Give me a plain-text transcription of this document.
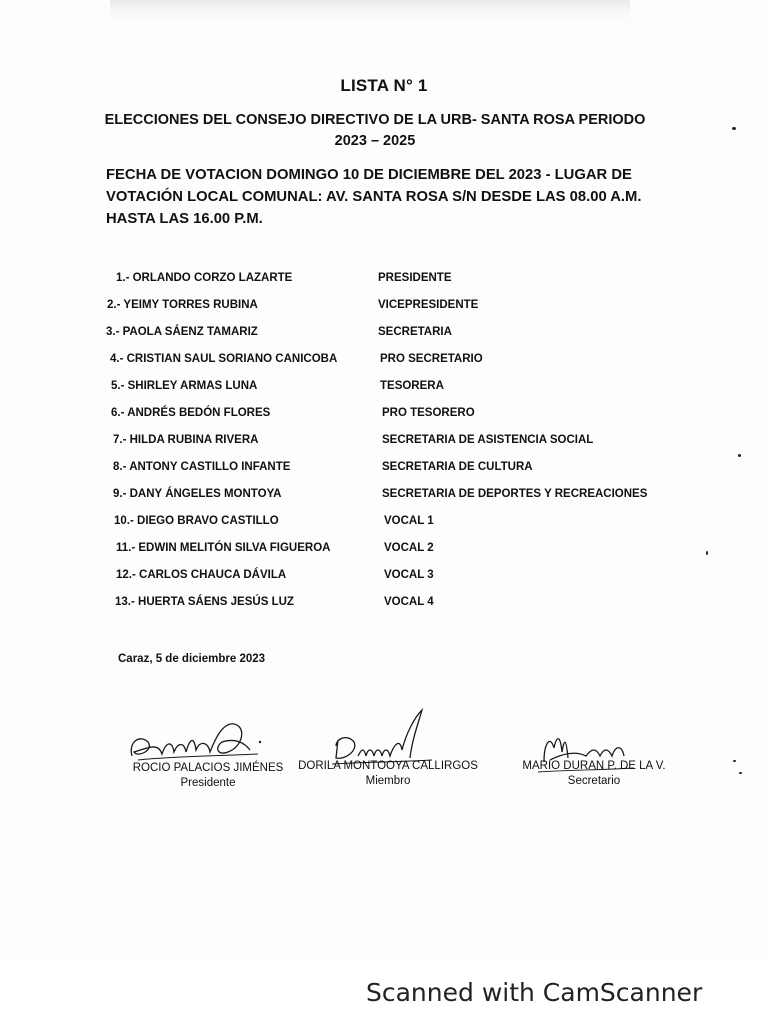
LISTA N° 1
ELECCIONES DEL CONSEJO DIRECTIVO DE LA URB- SANTA ROSA PERIODO
2023 – 2025
FECHA DE VOTACION DOMINGO 10 DE DICIEMBRE DEL 2023 - LUGAR DE VOTACIÓN LOCAL COMUNAL: AV. SANTA ROSA S/N DESDE LAS 08.00 A.M. HASTA LAS 16.00 P.M.
1.- ORLANDO CORZO LAZARTE	PRESIDENTE
2.- YEIMY TORRES RUBINA	VICEPRESIDENTE
3.- PAOLA SÁENZ TAMARIZ	SECRETARIA
4.- CRISTIAN SAUL SORIANO CANICOBA	PRO SECRETARIO
5.- SHIRLEY ARMAS LUNA	TESORERA
6.- ANDRÉS BEDÓN FLORES	PRO TESORERO
7.- HILDA RUBINA RIVERA	SECRETARIA DE ASISTENCIA SOCIAL
8.- ANTONY CASTILLO INFANTE	SECRETARIA DE CULTURA
9.- DANY ÁNGELES MONTOYA	SECRETARIA DE DEPORTES Y RECREACIONES
10.- DIEGO BRAVO CASTILLO	VOCAL 1
11.- EDWIN MELITÓN SILVA FIGUEROA	VOCAL 2
12.- CARLOS CHAUCA DÁVILA	VOCAL 3
13.- HUERTA SÁENS JESÚS LUZ	VOCAL 4
Caraz, 5 de diciembre 2023
ROCIO PALACIOS JIMÉNES
Presidente
DORILA MONTOOYA CALLIRGOS
Miembro
MARIO DURAN P. DE LA V.
Secretario
Scanned with CamScanner
